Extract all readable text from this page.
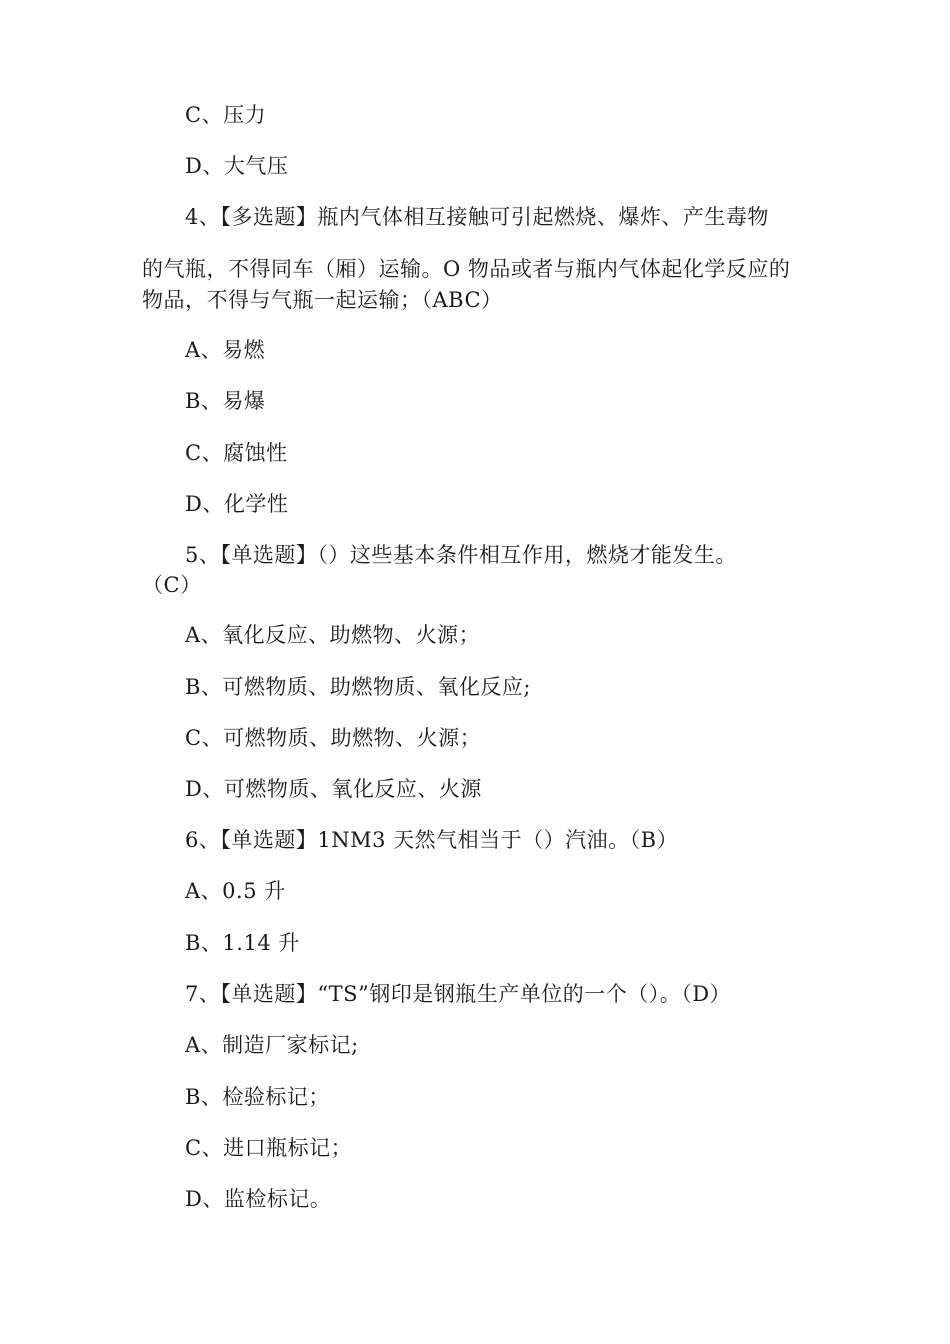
C、压力
D、大气压
4、【多选题】瓶内气体相互接触可引起燃烧、爆炸、产生毒物
的气瓶，不得同车（厢）运输。O 物品或者与瓶内气体起化学反应的
物品，不得与气瓶一起运输；（ABC）
A、易燃
B、易爆
C、腐蚀性
D、化学性
5、【单选题】（）这些基本条件相互作用，燃烧才能发生。
（C）
A、氧化反应、助燃物、火源；
B、可燃物质、助燃物质、氧化反应;
C、可燃物质、助燃物、火源；
D、可燃物质、氧化反应、火源
6、【单选题】1NM3 天然气相当于（）汽油。（B）
A、0.5 升
B、1.14 升
7、【单选题】“TS”钢印是钢瓶生产单位的一个（）。（D）
A、制造厂家标记;
B、检验标记；
C、进口瓶标记；
D、监检标记。
